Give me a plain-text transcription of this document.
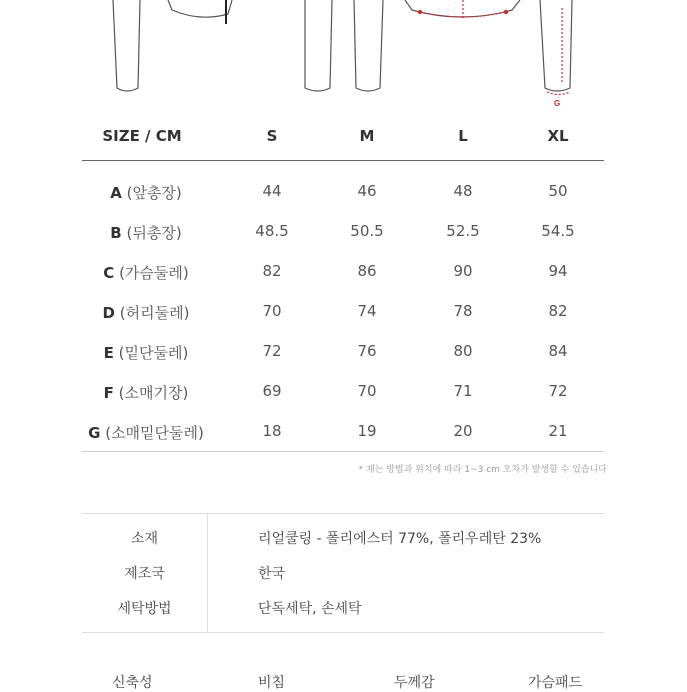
G
SIZE / CM	S	M	L	XL
A (앞총장)	44	46	48	50
B (뒤총장)	48.5	50.5	52.5	54.5
C (가슴둘레)	82	86	90	94
D (허리둘레)	70	74	78	82
E (밑단둘레)	72	76	80	84
F (소매기장)	69	70	71	72
G (소매밑단둘레)	18	19	20	21
* 재는 방법과 위치에 따라 1~3 cm 오차가 발생할 수 있습니다
소재	리얼쿨링 - 폴리에스터 77%, 폴리우레탄 23%
제조국	한국
세탁방법	단독세탁, 손세탁
신축성	비침	두께감	가슴패드
